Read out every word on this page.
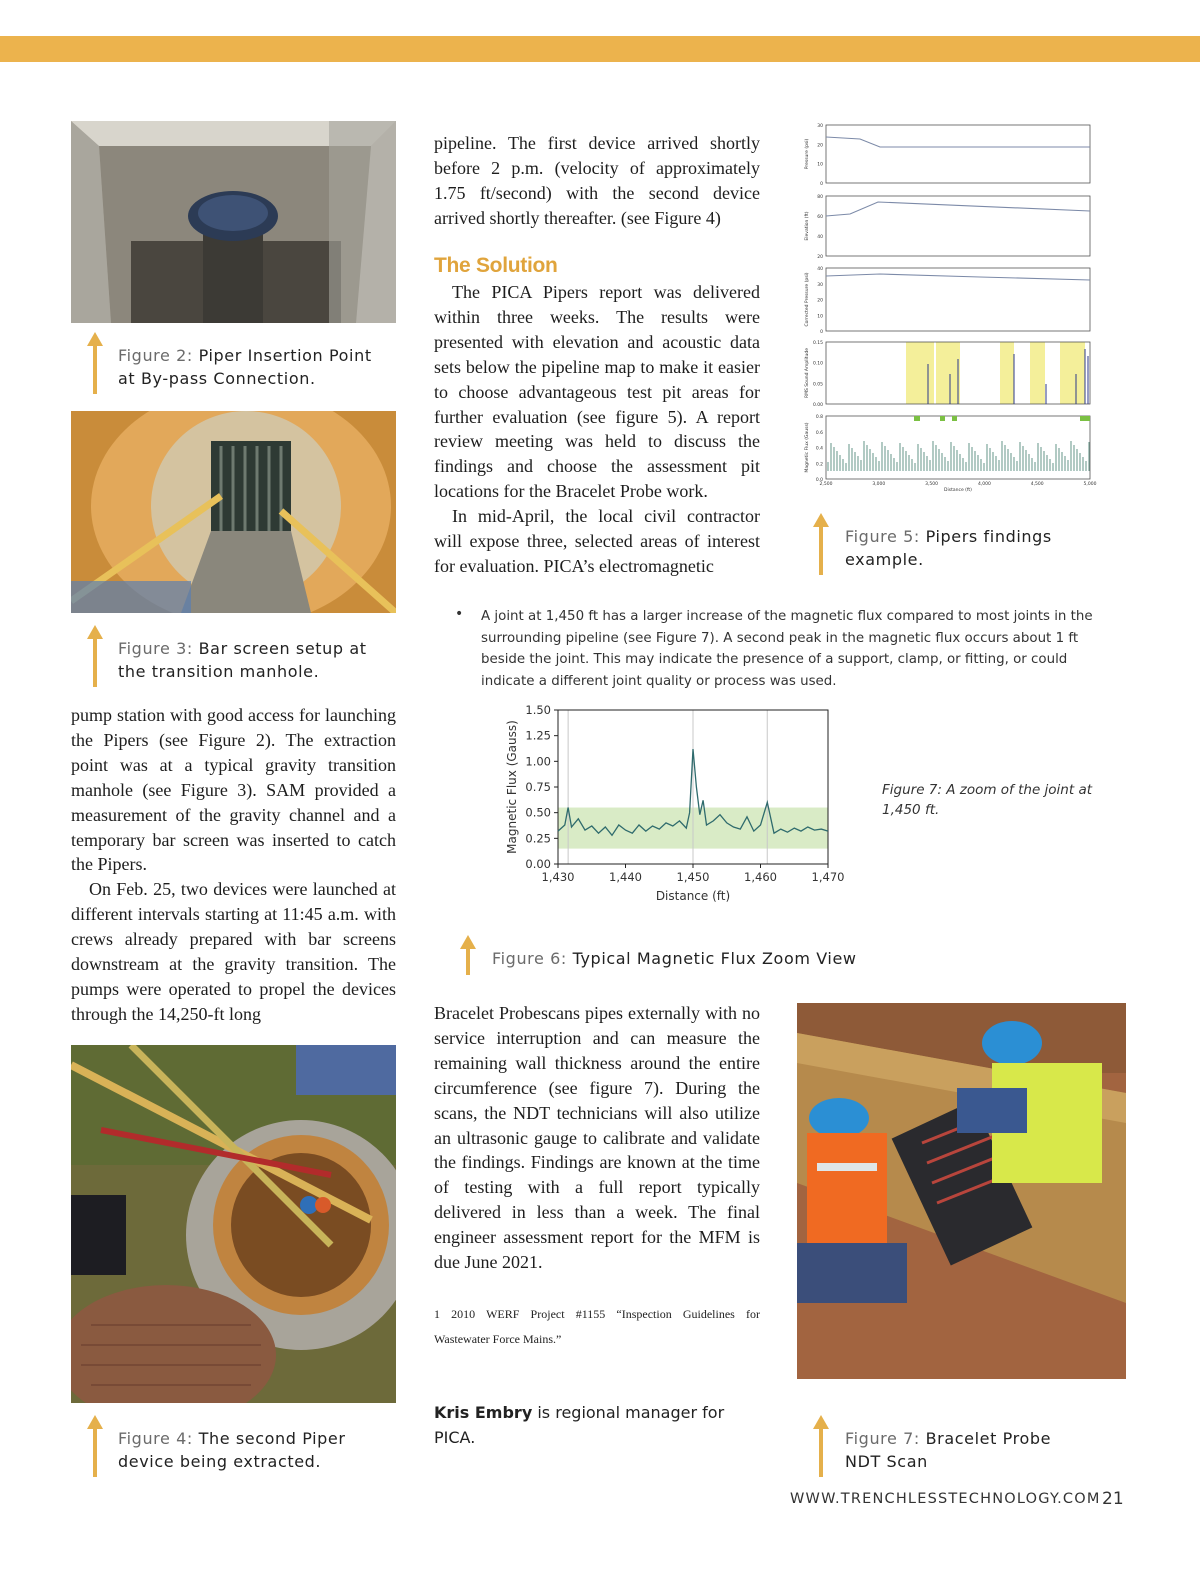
Figure 2: Piper Insertion Point
at By-pass Connection.
Figure 3: Bar screen setup at
the transition manhole.

pump station with good access for launching the Pipers (see Figure 2). The extraction point was at a typical gravity transition manhole (see Figure 3). SAM provided a measurement of the gravity channel and a temporary bar screen was inserted to catch the Pipers.

On Feb. 25, two devices were launched at different intervals starting at 11:45 a.m. with crews already prepared with bar screens downstream at the gravity transition. The pumps were operated to propel the devices through the 14,250-ft long

Figure 4: The second Piper
device being extracted.

pipeline. The first device arrived shortly before 2 p.m. (velocity of approximately 1.75 ft/second) with the second device arrived shortly thereafter. (see Figure 4)

The Solution

The PICA Pipers report was delivered within three weeks. The results were presented with elevation and acoustic data sets below the pipeline map to make it easier to choose advantageous test pit areas for further evaluation (see figure 5). A report review meeting was held to discuss the findings and choose the assessment pit locations for the Bracelet Probe work.

In mid-April, the local civil contractor will expose three, selected areas of interest for evaluation. PICA’s electromagnetic

0
10
20
30
Pressure (psi)
20
40
60
80
Elevation (ft)
0
10
20
30
40
Corrected Pressure (psi)
0.00
0.05
0.10
0.15
RMS Sound Amplitude
0.0
0.2
0.4
0.6
0.8
Magnetic Flux (Gauss)
2,500	3,000	3,500	4,000	4,500	5,000
Distance (ft)
Figure 5: Pipers findings
example.
• A joint at 1,450 ft has a larger increase of the magnetic flux compared to most joints in the surrounding pipeline (see Figure 7). A second peak in the magnetic flux occurs about 1 ft beside the joint. This may indicate the presence of a support, clamp, or fitting, or could indicate a different joint quality or process was used.
0.00
0.25
0.50
0.75
1.00
1.25
1.50
1,430	1,440	1,450	1,460	1,470
Distance (ft)
Magnetic Flux (Gauss)	Figure 7: A zoom of the joint at 1,450 ft.
Figure 6: Typical Magnetic Flux Zoom View

Bracelet Probescans pipes externally with no service interruption and can measure the remaining wall thickness around the entire circumference (see figure 7). During the scans, the NDT technicians will also utilize an ultrasonic gauge to calibrate and validate the findings. Findings are known at the time of testing with a full report typically delivered in less than a week. The final engineer assessment report for the MFM is due June 2021.

1 2010 WERF Project #1155 “Inspection Guidelines for Wastewater Force Mains.”
Kris Embry is regional manager for PICA.	Figure 7: Bracelet Probe
NDT Scan
WWW.TRENCHLESSTECHNOLOGY.COM 21
